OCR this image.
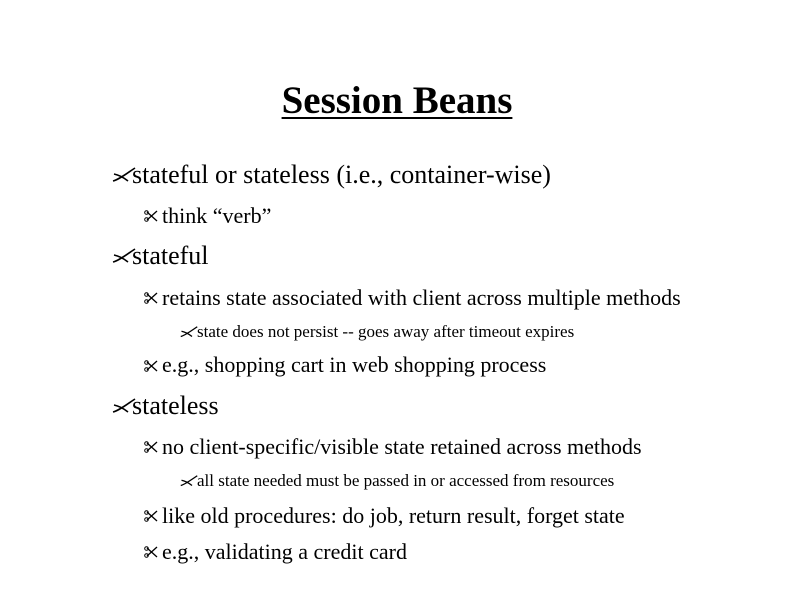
Session Beans
stateful or stateless (i.e., container-wise)
think “verb”
stateful
retains state associated with client across multiple methods
state does not persist -- goes away after timeout expires
e.g., shopping cart in web shopping process
stateless
no client-specific/visible state retained across methods
all state needed must be passed in or accessed from resources
like old procedures: do job, return result, forget state
e.g., validating a credit card
